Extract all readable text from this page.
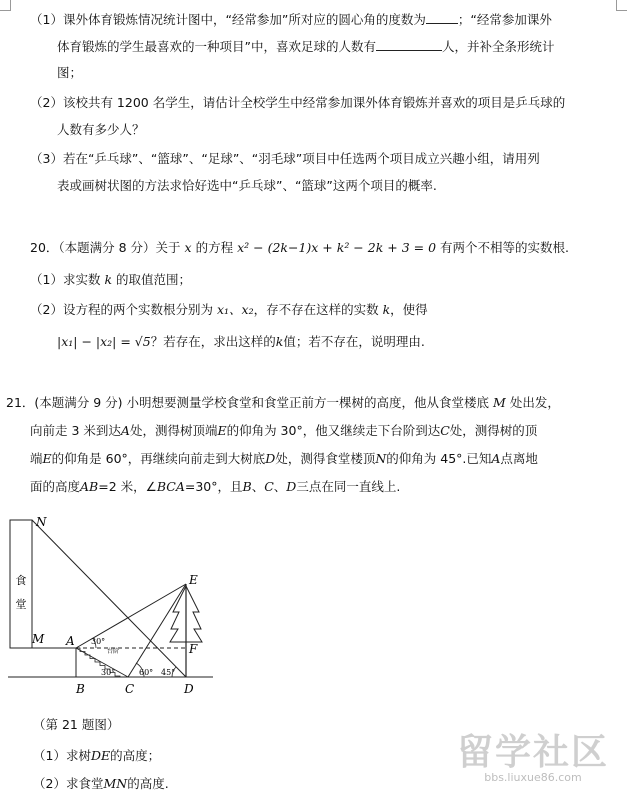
（1）课外体育锻炼情况统计图中，“经常参加”所对应的圆心角的度数为	；“经常参加课外
体育锻炼的学生最喜欢的一种项目”中，喜欢足球的人数有	人，并补全条形统计
图；
（2）该校共有 1200 名学生，请估计全校学生中经常参加课外体育锻炼并喜欢的项目是乒乓球的
人数有多少人？
（3）若在“乒乓球”、“篮球”、“足球”、“羽毛球”项目中任选两个项目成立兴趣小组，请用列
表或画树状图的方法求恰好选中“乒乓球”、“篮球”这两个项目的概率.
20．（本题满分 8 分）关于 x 的方程 x² − (2k−1)x + k² − 2k + 3 = 0 有两个不相等的实数根.
（1）求实数 k 的取值范围；
（2）设方程的两个实数根分别为 x₁、x₂，存不存在这样的实数 k，使得
|x₁| − |x₂| = √5？若存在，求出这样的k值；若不存在，说明理由.
21．(本题满分 9 分) 小明想要测量学校食堂和食堂正前方一棵树的高度，他从食堂楼底 M 处出发，
向前走 3 米到达A处，测得树顶端E的仰角为 30°，他又继续走下台阶到达C处，测得树的顶
端E的仰角是 60°，再继续向前走到大树底D处，测得食堂楼顶N的仰角为 45°.已知A点离地
面的高度AB=2 米，∠BCA=30°，且B、C、D三点在同一直线上.
食
堂
台阶
N
M A
B	C	D
E
F
30°
30°	60° 45°
（第 21 题图）
（1）求树DE的高度；
（2）求食堂MN的高度.
留学社区
bbs.liuxue86.com
